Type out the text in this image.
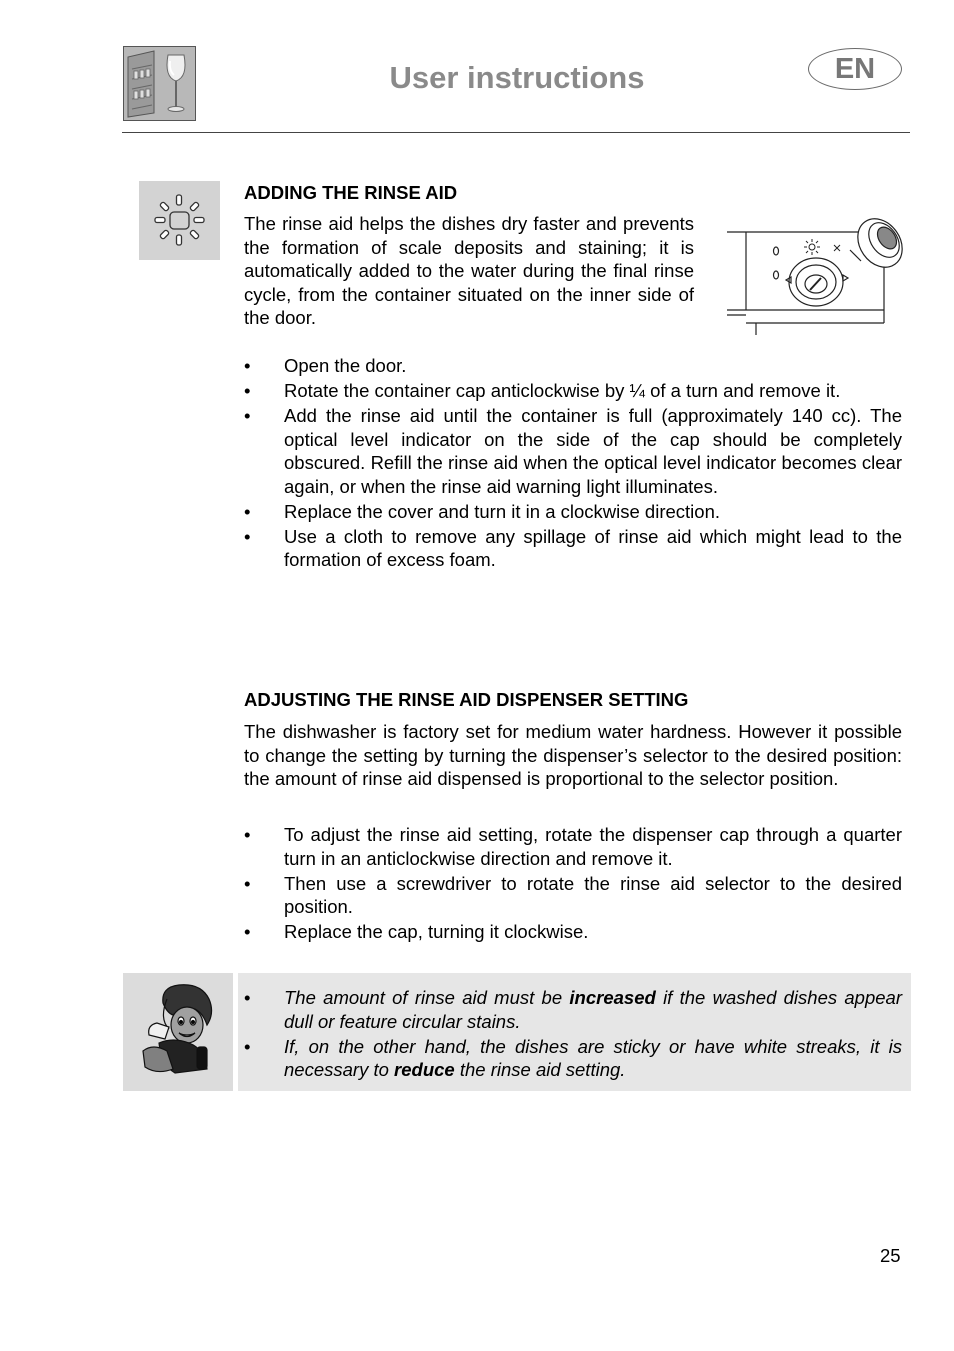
User instructions	EN
ADDING THE RINSE AID

The rinse aid helps the dishes dry faster and prevents the formation of scale deposits and staining; it is automatically added to the water during the final rinse cycle, from the container situated on the inner side of the door.

• Open the door.
• Rotate the container cap anticlockwise by ¼ of a turn and remove it.
• Add the rinse aid until the container is full (approximately 140 cc). The optical level indicator on the side of the cap should be completely obscured. Refill the rinse aid when the optical level indicator becomes clear again, or when the rinse aid warning light illuminates.
• Replace the cover and turn it in a clockwise direction.
• Use a cloth to remove any spillage of rinse aid which might lead to the formation of excess foam.
ADJUSTING THE RINSE AID DISPENSER SETTING

The dishwasher is factory set for medium water hardness. However it possible to change the setting by turning the dispenser’s selector to the desired position: the amount of rinse aid dispensed is proportional to the selector position.

• To adjust the rinse aid setting, rotate the dispenser cap through a quarter turn in an anticlockwise direction and remove it.
• Then use a screwdriver to rotate the rinse aid selector to the desired position.
• Replace the cap, turning it clockwise.
• The amount of rinse aid must be increased if the washed dishes appear dull or feature circular stains.
• If, on the other hand, the dishes are sticky or have white streaks, it is necessary to reduce the rinse aid setting.
25
